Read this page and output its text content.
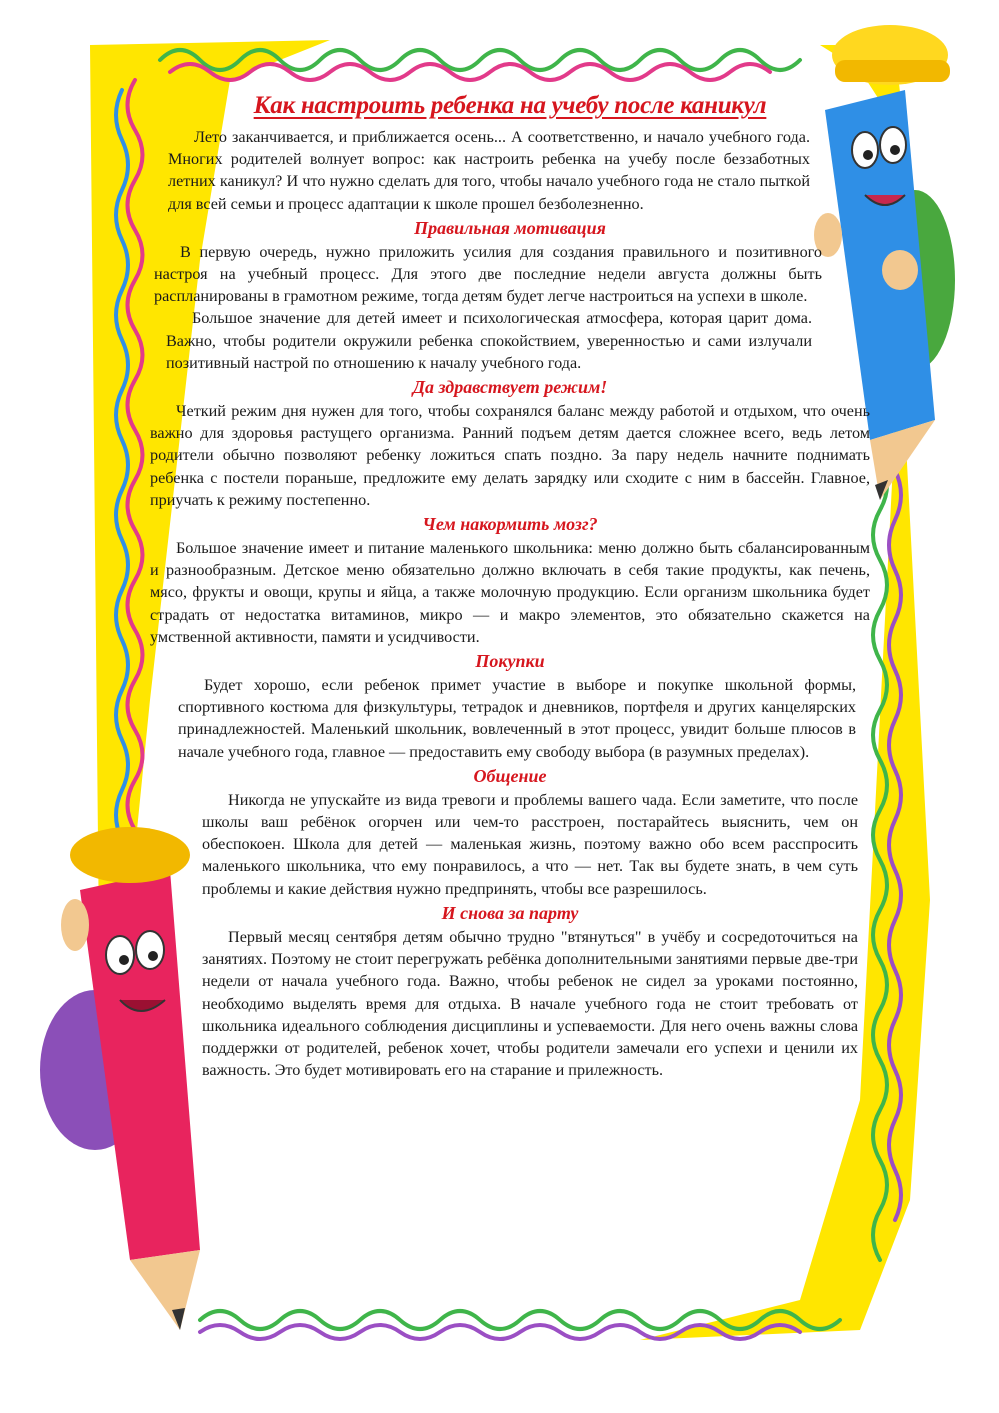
Как настроить ребенка на учебу после каникул

Лето заканчивается, и приближается осень... А соответственно, и начало учебного года. Многих родителей волнует вопрос: как настроить ребенка на учебу после беззаботных летних каникул? И что нужно сделать для того, чтобы начало учебного года не стало пыткой для всей семьи и процесс адаптации к школе прошел безболезненно.

Правильная мотивация

В первую очередь, нужно приложить усилия для создания правильного и позитивного настроя на учебный процесс. Для этого две последние недели августа должны быть распланированы в грамотном режиме, тогда детям будет легче настроиться на успехи в школе.

Большое значение для детей имеет и психологическая атмосфера, которая царит дома. Важно, чтобы родители окружили ребенка спокойствием, уверенностью и сами излучали позитивный настрой по отношению к началу учебного года.

Да здравствует режим!

Четкий режим дня нужен для того, чтобы сохранялся баланс между работой и отдыхом, что очень важно для здоровья растущего организма. Ранний подъем детям дается сложнее всего, ведь летом родители обычно позволяют ребенку ложиться спать поздно. За пару недель начните поднимать ребенка с постели пораньше, предложите ему делать зарядку или сходите с ним в бассейн. Главное, приучать к режиму постепенно.

Чем накормить мозг?

Большое значение имеет и питание маленького школьника: меню должно быть сбалансированным и разнообразным. Детское меню обязательно должно включать в себя такие продукты, как печень, мясо, фрукты и овощи, крупы и яйца, а также молочную продукцию. Если организм школьника будет страдать от недостатка витаминов, микро — и макро элементов, это обязательно скажется на умственной активности, памяти и усидчивости.

Покупки

Будет хорошо, если ребенок примет участие в выборе и покупке школьной формы, спортивного костюма для физкультуры, тетрадок и дневников, портфеля и других канцелярских принадлежностей. Маленький школьник, вовлеченный в этот процесс, увидит больше плюсов в начале учебного года, главное — предоставить ему свободу выбора (в разумных пределах).

Общение

Никогда не упускайте из вида тревоги и проблемы вашего чада. Если заметите, что после школы ваш ребёнок огорчен или чем-то расстроен, постарайтесь выяснить, чем он обеспокоен. Школа для детей — маленькая жизнь, поэтому важно обо всем расспросить маленького школьника, что ему понравилось, а что — нет. Так вы будете знать, в чем суть проблемы и какие действия нужно предпринять, чтобы все разрешилось.

И снова за парту

Первый месяц сентября детям обычно трудно "втянуться" в учёбу и сосредоточиться на занятиях. Поэтому не стоит перегружать ребёнка дополнительными занятиями первые две-три недели от начала учебного года. Важно, чтобы ребенок не сидел за уроками постоянно, необходимо выделять время для отдыха. В начале учебного года не стоит требовать от школьника идеального соблюдения дисциплины и успеваемости. Для него очень важны слова поддержки от родителей, ребенок хочет, чтобы родители замечали его успехи и ценили их важность. Это будет мотивировать его на старание и прилежность.
